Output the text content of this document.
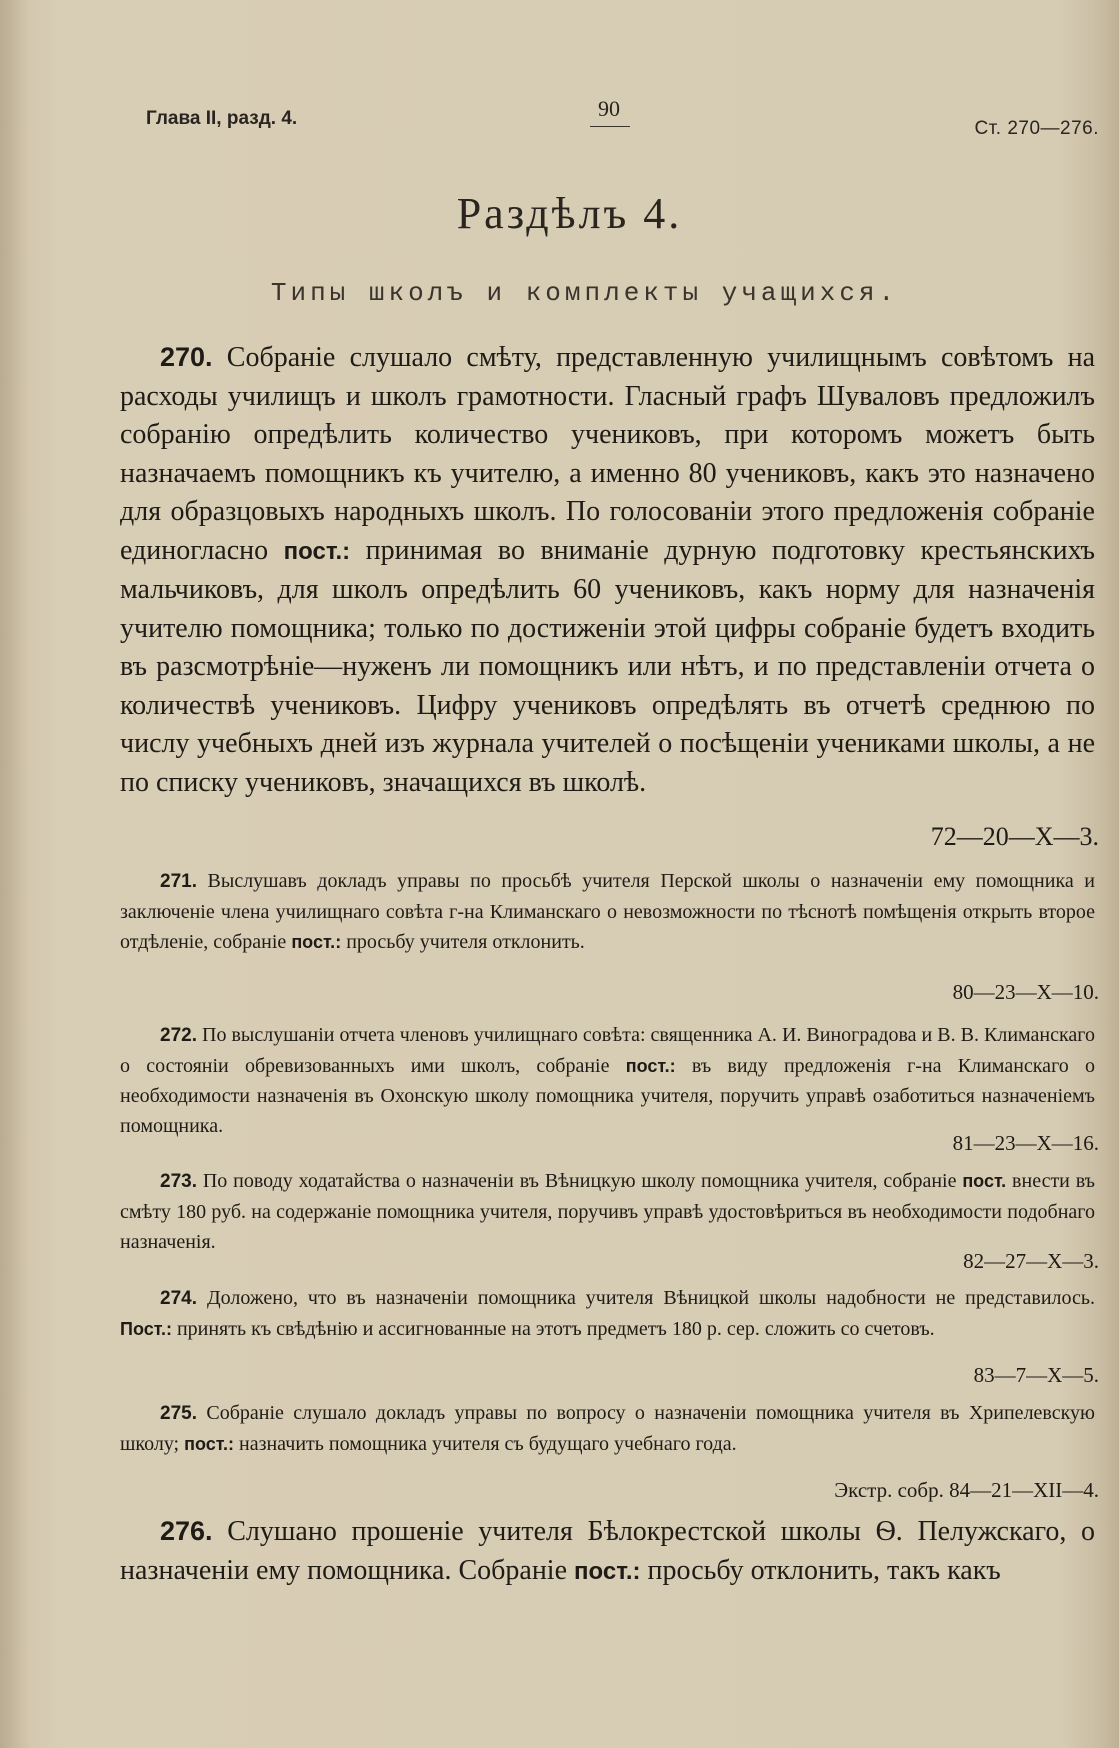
Глава II, разд. 4.	90
Ст. 270—276.
Раздѣлъ 4.
Типы школъ и комплекты учащихся.
270. Собраніе слушало смѣту, представленную училищнымъ совѣтомъ на расходы училищъ и школъ грамотности. Гласный графъ Шуваловъ предложилъ собранію опредѣлить количество учениковъ, при которомъ можетъ быть назначаемъ помощникъ къ учителю, а именно 80 учениковъ, какъ это назначено для образцовыхъ народныхъ школъ. По голосованіи этого предложенія собраніе единогласно пост.: принимая во вниманіе дурную подготовку крестьянскихъ мальчиковъ, для школъ опредѣлить 60 учениковъ, какъ норму для назначенія учителю помощника; только по достиженіи этой цифры собраніе будетъ входить въ разсмотрѣніе—нуженъ ли помощникъ или нѣтъ, и по представленіи отчета о количествѣ учениковъ. Цифру учениковъ опредѣлять въ отчетѣ среднюю по числу учебныхъ дней изъ журнала учителей о посѣщеніи учениками школы, а не по списку учениковъ, значащихся въ школѣ.
72—20—X—3.
271. Выслушавъ докладъ управы по просьбѣ учителя Перской школы о назначеніи ему помощника и заключеніе члена училищнаго совѣта г-на Климанскаго о невозможности по тѣснотѣ помѣщенія открыть второе отдѣленіе, собраніе пост.: просьбу учителя отклонить.
80—23—X—10.
272. По выслушаніи отчета членовъ училищнаго совѣта: священника А. И. Виноградова и В. В. Климанскаго о состояніи обревизованныхъ ими школъ, собраніе пост.: въ виду предложенія г-на Климанскаго о необходимости назначенія въ Охонскую школу помощника учителя, поручить управѣ озаботиться назначеніемъ помощника.
81—23—X—16.
273. По поводу ходатайства о назначеніи въ Вѣницкую школу помощника учителя, собраніе пост. внести въ смѣту 180 руб. на содержаніе помощника учителя, поручивъ управѣ удостовѣриться въ необходимости подобнаго назначенія.
82—27—X—3.
274. Доложено, что въ назначеніи помощника учителя Вѣницкой школы надобности не представилось. Пост.: принять къ свѣдѣнію и ассигнованные на этотъ предметъ 180 р. сер. сложить со счетовъ.
83—7—X—5.
275. Собраніе слушало докладъ управы по вопросу о назначеніи помощника учителя въ Хрипелевскую школу; пост.: назначить помощника учителя съ будущаго учебнаго года.
Экстр. собр. 84—21—XII—4.
276. Слушано прошеніе учителя Бѣлокрестской школы Ѳ. Пелужскаго, о назначеніи ему помощника. Собраніе пост.: просьбу отклонить, такъ какъ
